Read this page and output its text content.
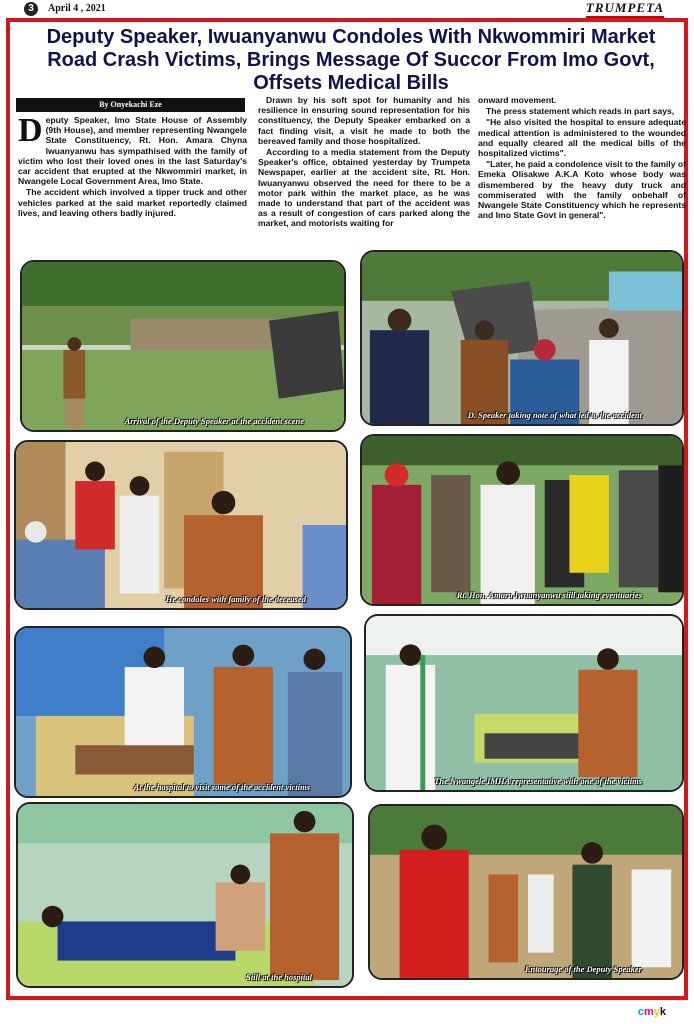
3	April 4 , 2021	TRUMPETA
Deputy Speaker, Iwuanyanwu Condoles With Nkwommiri Market Road Crash Victims, Brings Message Of Succor From Imo Govt, Offsets Medical Bills
By Onyekachi Eze

Deputy Speaker, Imo State House of Assembly (9th House), and member representing Nwangele State Constituency, Rt. Hon. Amara Chyna Iwuanyanwu has sympathised with the family of victim who lost their loved ones in the last Saturday's car accident that erupted at the Nkwommiri market, in Nwangele Local Government Area, Imo State.

The accident which involved a tipper truck and other vehicles parked at the said market reportedly claimed lives, and leaving others badly injured.

Drawn by his soft spot for humanity and his resilience in ensuring sound representation for his constituency, the Deputy Speaker embarked on a fact finding visit, a visit he made to both the bereaved family and those hospitalized.

According to a media statement from the Deputy Speaker's office, obtained yesterday by Trumpeta Newspaper, earlier at the accident site, Rt. Hon. Iwuanyanwu observed the need for there to be a motor park within the market place, as he was made to understand that part of the accident was as a result of congestion of cars parked along the market, and motorists waiting for

onward movement.

The press statement which reads in part says,

"He also visited the hospital to ensure adequate medical attention is administered to the wounded and equally cleared all the medical bills of the hospitalized victims".

"Later, he paid a condolence visit to the family of Emeka Olisakwe A.K.A Koto whose body was dismembered by the heavy duty truck and commiserated with the family onbehalf of Nwangele State Constituency which he represents and Imo State Govt in general".

Arrival of the Deputy Speaker at the accident scene
D. Speaker taking note of what led to the accident
He condoles with family of the deceased	Rt. Hon. Amara Iwuanyanwu still taking eventuaries
At the hospital to visit some of the accident victims
The Nwangele IMHA representative with one of the victims
Still at the hospital
Entourage of the Deputy Speaker
cmyk
